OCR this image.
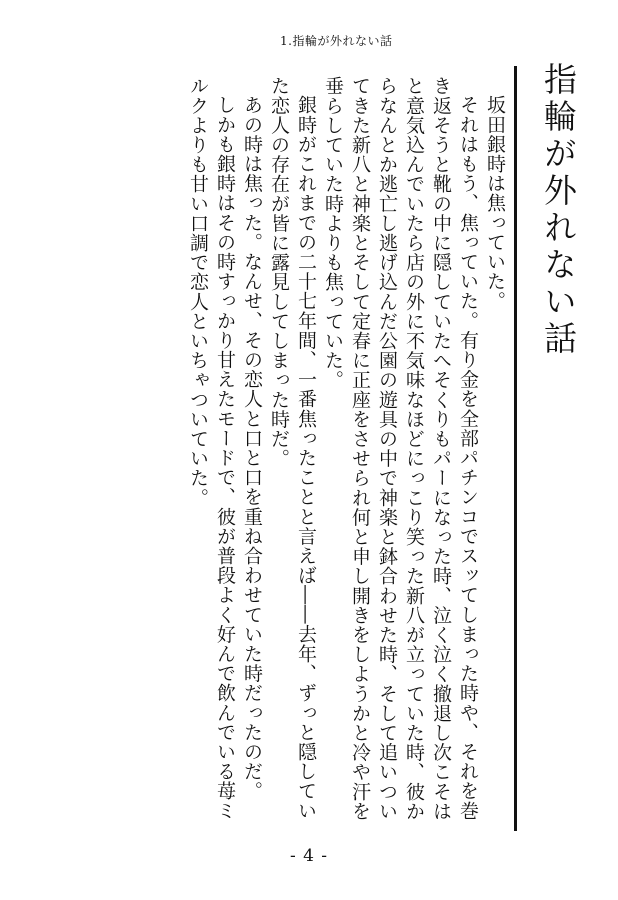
1.指輪が外れない話
指輪が外れない話

坂田銀時は焦っていた。

それはもう、焦っていた。有り金を全部パチンコでスッてしまった時や、それを巻き返そうと靴の中に隠していたへそくりもパーになった時、泣く泣く撤退し次こそはと意気込んでいたら店の外に不気味なほどにっこり笑った新八が立っていた時、彼からなんとか逃亡し逃げ込んだ公園の遊具の中で神楽と鉢合わせた時、そして追いついてきた新八と神楽とそして定春に正座をさせられ何と申し開きをしようかと冷や汗を垂らしていた時よりも焦っていた。

銀時がこれまでの二十七年間、一番焦ったことと言えば――去年、ずっと隠していた恋人の存在が皆に露見してしまった時だ。

あの時は焦った。なんせ、その恋人と口と口を重ね合わせていた時だったのだ。

しかも銀時はその時すっかり甘えたモードで、彼が普段よく好んで飲んでいる苺ミルクよりも甘い口調で恋人といちゃついていた。

- 4 -
